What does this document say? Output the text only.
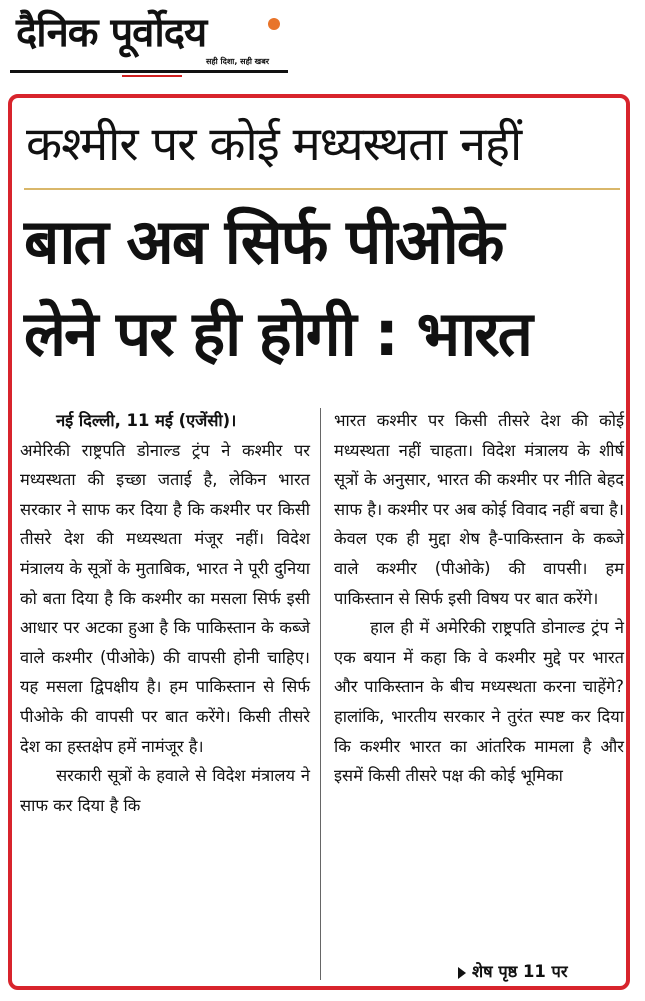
दैनिक पूर्वोदय
सही दिशा, सही खबर
कश्मीर पर कोई मध्यस्थता नहीं
बात अब सिर्फ पीओके
लेने पर ही होगी : भारत

नई दिल्ली, 11 मई (एजेंसी)।

अमेरिकी राष्ट्रपति डोनाल्ड ट्रंप ने कश्मीर पर मध्यस्थता की इच्छा जताई है, लेकिन भारत सरकार ने साफ कर दिया है कि कश्मीर पर किसी तीसरे देश की मध्यस्थता मंजूर नहीं। विदेश मंत्रालय के सूत्रों के मुताबिक, भारत ने पूरी दुनिया को बता दिया है कि कश्मीर का मसला सिर्फ इसी आधार पर अटका हुआ है कि पाकिस्तान के कब्जे वाले कश्मीर (पीओके) की वापसी होनी चाहिए। यह मसला द्विपक्षीय है। हम पाकिस्तान से सिर्फ पीओके की वापसी पर बात करेंगे। किसी तीसरे देश का हस्तक्षेप हमें नामंजूर है।

सरकारी सूत्रों के हवाले से विदेश मंत्रालय ने साफ कर दिया है कि

भारत कश्मीर पर किसी तीसरे देश की कोई मध्यस्थता नहीं चाहता। विदेश मंत्रालय के शीर्ष सूत्रों के अनुसार, भारत की कश्मीर पर नीति बेहद साफ है। कश्मीर पर अब कोई विवाद नहीं बचा है। केवल एक ही मुद्दा शेष है-पाकिस्तान के कब्जे वाले कश्मीर (पीओके) की वापसी। हम पाकिस्तान से सिर्फ इसी विषय पर बात करेंगे।

हाल ही में अमेरिकी राष्ट्रपति डोनाल्ड ट्रंप ने एक बयान में कहा कि वे कश्मीर मुद्दे पर भारत और पाकिस्तान के बीच मध्यस्थता करना चाहेंगे? हालांकि, भारतीय सरकार ने तुरंत स्पष्ट कर दिया कि कश्मीर भारत का आंतरिक मामला है और इसमें किसी तीसरे पक्ष की कोई भूमिका

शेष पृष्ठ 11 पर
